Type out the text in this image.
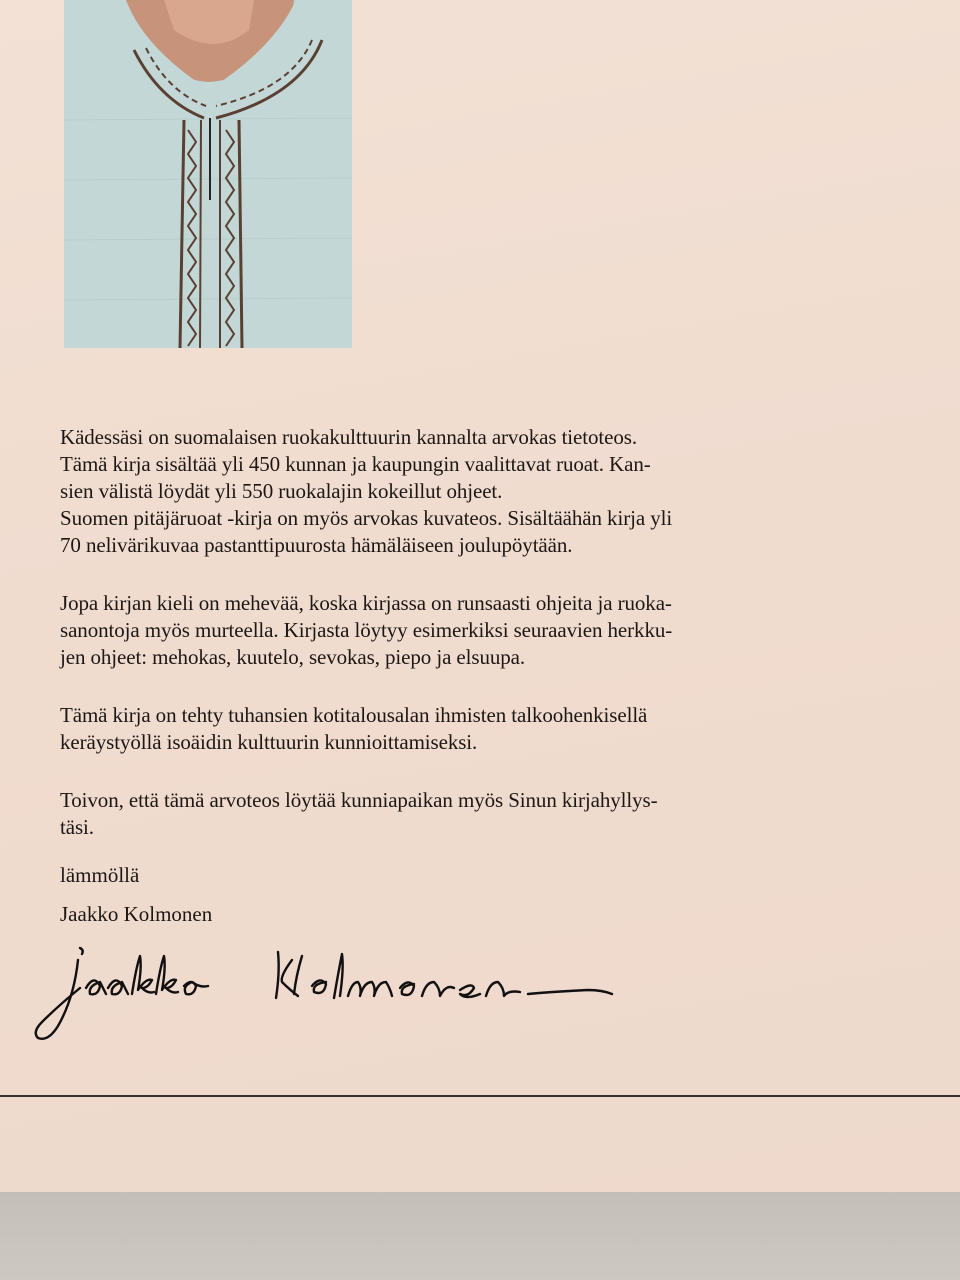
Kädessäsi on suomalaisen ruokakulttuurin kannalta arvokas tietoteos.

Tämä kirja sisältää yli 450 kunnan ja kaupungin vaalittavat ruoat. Kan-

sien välistä löydät yli 550 ruokalajin kokeillut ohjeet.

Suomen pitäjäruoat -kirja on myös arvokas kuvateos. Sisältäähän kirja yli

70 nelivärikuvaa pastanttipuurosta hämäläiseen joulupöytään.

Jopa kirjan kieli on mehevää, koska kirjassa on runsaasti ohjeita ja ruoka-

sanontoja myös murteella. Kirjasta löytyy esimerkiksi seuraavien herkku-

jen ohjeet: mehokas, kuutelo, sevokas, piepo ja elsuupa.

Tämä kirja on tehty tuhansien kotitalousalan ihmisten talkoohenkisellä

keräystyöllä isoäidin kulttuurin kunnioittamiseksi.

Toivon, että tämä arvoteos löytää kunniapaikan myös Sinun kirjahyllys-

täsi.

lämmöllä
Jaakko Kolmonen
